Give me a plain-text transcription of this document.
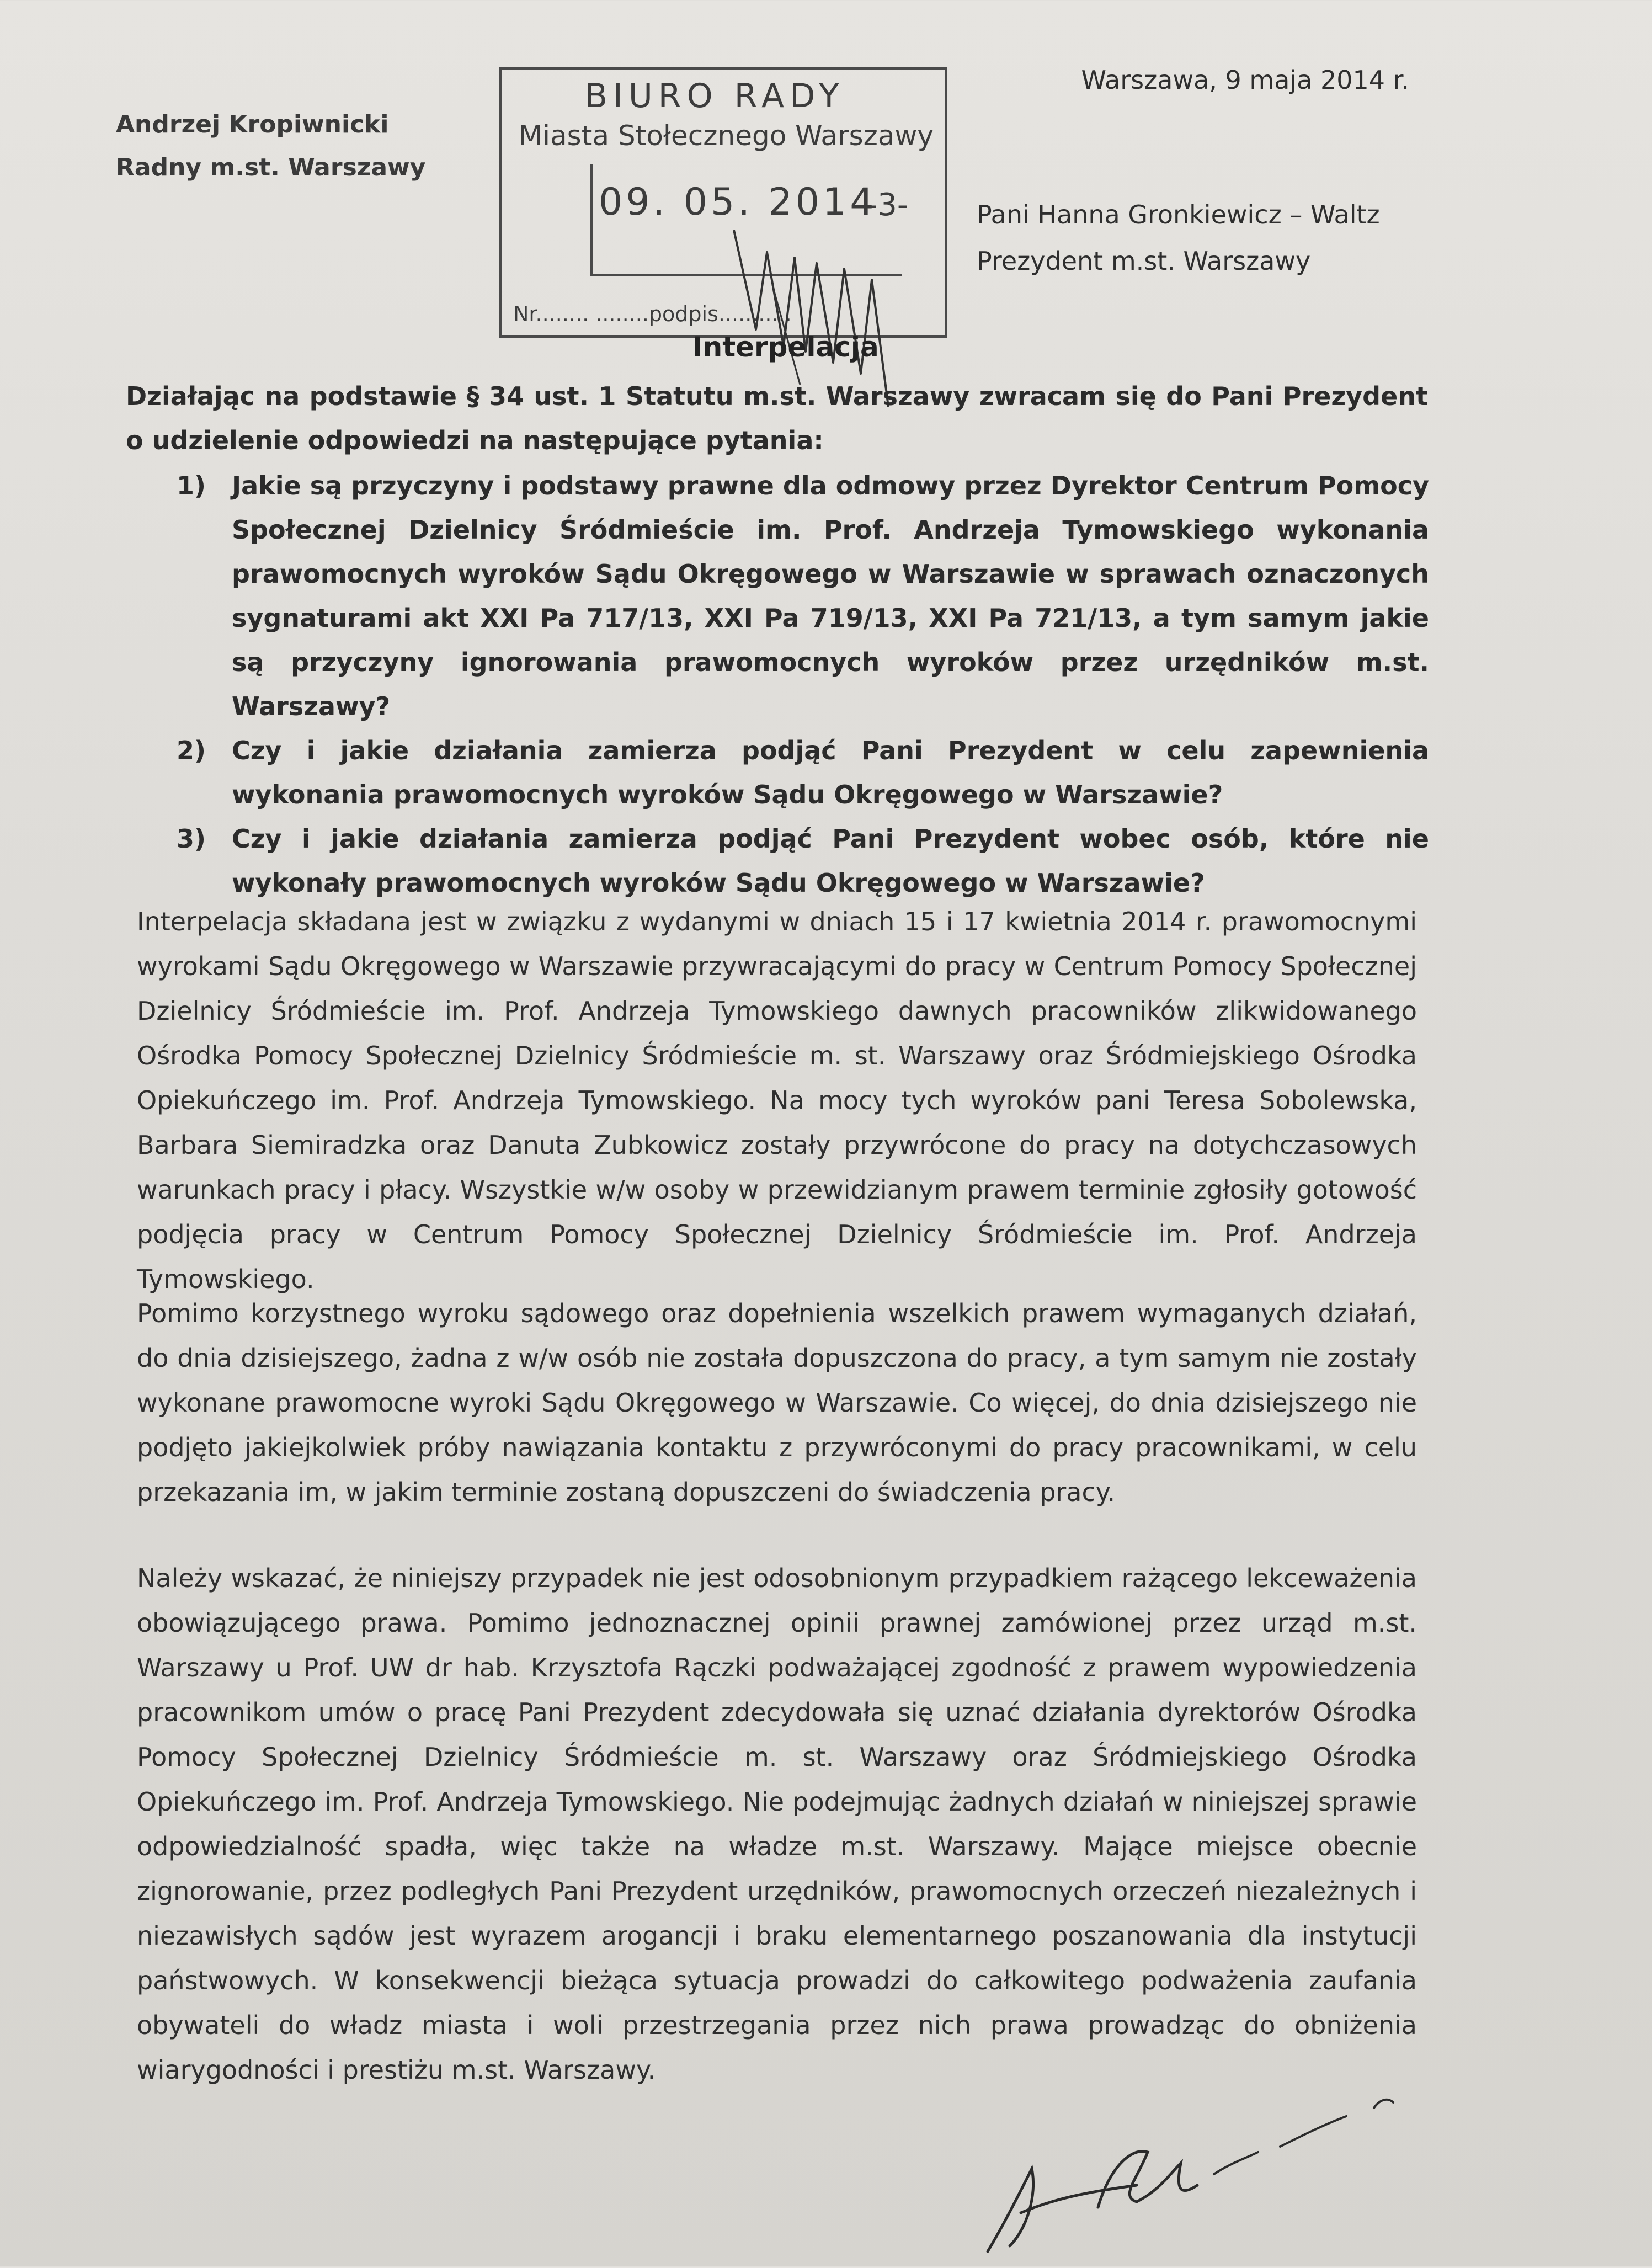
Andrzej Kropiwnicki
Radny m.st. Warszawy
Warszawa, 9 maja 2014 r.
BIURO RADY
Miasta Stołecznego Warszawy
09. 05. 2014
-3-
Nr........ ........podpis...........
Pani Hanna Gronkiewicz – Waltz
Prezydent m.st. Warszawy
Interpelacja
Działając na podstawie § 34 ust. 1 Statutu m.st. Warszawy zwracam się do Pani Prezydent o udzielenie odpowiedzi na następujące pytania:
1) Jakie są przyczyny i podstawy prawne dla odmowy przez Dyrektor Centrum Pomocy Społecznej Dzielnicy Śródmieście im. Prof. Andrzeja Tymowskiego wykonania prawomocnych wyroków Sądu Okręgowego w Warszawie w sprawach oznaczonych sygnaturami akt XXI Pa 717/13, XXI Pa 719/13, XXI Pa 721/13, a tym samym jakie są przyczyny ignorowania prawomocnych wyroków przez urzędników m.st. Warszawy?
2) Czy i jakie działania zamierza podjąć Pani Prezydent w celu zapewnienia wykonania prawomocnych wyroków Sądu Okręgowego w Warszawie?
3) Czy i jakie działania zamierza podjąć Pani Prezydent wobec osób, które nie wykonały prawomocnych wyroków Sądu Okręgowego w Warszawie?
Interpelacja składana jest w związku z wydanymi w dniach 15 i 17 kwietnia 2014 r. prawomocnymi wyrokami Sądu Okręgowego w Warszawie przywracającymi do pracy w Centrum Pomocy Społecznej Dzielnicy Śródmieście im. Prof. Andrzeja Tymowskiego dawnych pracowników zlikwidowanego Ośrodka Pomocy Społecznej Dzielnicy Śródmieście m. st. Warszawy oraz Śródmiejskiego Ośrodka Opiekuńczego im. Prof. Andrzeja Tymowskiego. Na mocy tych wyroków pani Teresa Sobolewska, Barbara Siemiradzka oraz Danuta Zubkowicz zostały przywrócone do pracy na dotychczasowych warunkach pracy i płacy. Wszystkie w/w osoby w przewidzianym prawem terminie zgłosiły gotowość podjęcia pracy w Centrum Pomocy Społecznej Dzielnicy Śródmieście im. Prof. Andrzeja Tymowskiego.
Pomimo korzystnego wyroku sądowego oraz dopełnienia wszelkich prawem wymaganych działań, do dnia dzisiejszego, żadna z w/w osób nie została dopuszczona do pracy, a tym samym nie zostały wykonane prawomocne wyroki Sądu Okręgowego w Warszawie. Co więcej, do dnia dzisiejszego nie podjęto jakiejkolwiek próby nawiązania kontaktu z przywróconymi do pracy pracownikami, w celu przekazania im, w jakim terminie zostaną dopuszczeni do świadczenia pracy.
Należy wskazać, że niniejszy przypadek nie jest odosobnionym przypadkiem rażącego lekceważenia obowiązującego prawa. Pomimo jednoznacznej opinii prawnej zamówionej przez urząd m.st. Warszawy u Prof. UW dr hab. Krzysztofa Rączki podważającej zgodność z prawem wypowiedzenia pracownikom umów o pracę Pani Prezydent zdecydowała się uznać działania dyrektorów Ośrodka Pomocy Społecznej Dzielnicy Śródmieście m. st. Warszawy oraz Śródmiejskiego Ośrodka Opiekuńczego im. Prof. Andrzeja Tymowskiego. Nie podejmując żadnych działań w niniejszej sprawie odpowiedzialność spadła, więc także na władze m.st. Warszawy. Mające miejsce obecnie zignorowanie, przez podległych Pani Prezydent urzędników, prawomocnych orzeczeń niezależnych i niezawisłych sądów jest wyrazem arogancji i braku elementarnego poszanowania dla instytucji państwowych. W konsekwencji bieżąca sytuacja prowadzi do całkowitego podważenia zaufania obywateli do władz miasta i woli przestrzegania przez nich prawa prowadząc do obniżenia wiarygodności i prestiżu m.st. Warszawy.
